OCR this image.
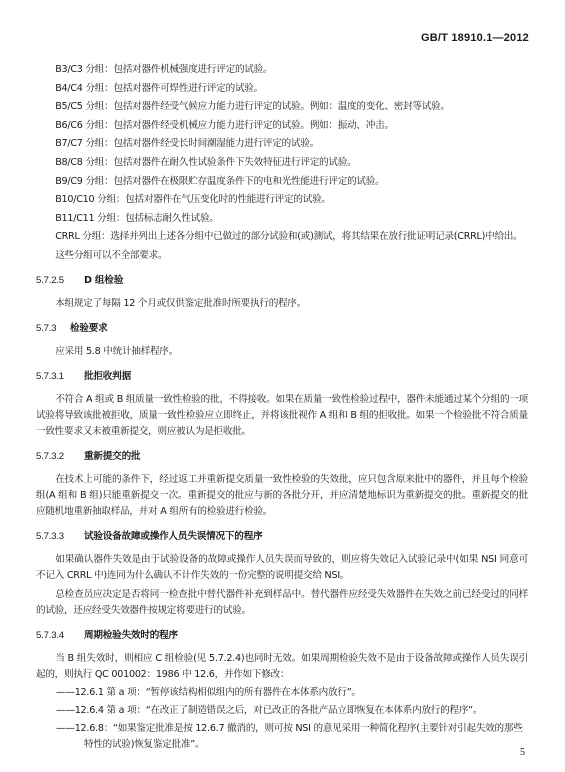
GB/T 18910.1—2012

B3/C3 分组：包括对器件机械强度进行评定的试验。

B4/C4 分组：包括对器件可焊性进行评定的试验。

B5/C5 分组：包括对器件经受气候应力能力进行评定的试验。例如：温度的变化、密封等试验。

B6/C6 分组：包括对器件经受机械应力能力进行评定的试验。例如：振动、冲击。

B7/C7 分组：包括对器件经受长时间潮湿能力进行评定的试验。

B8/C8 分组：包括对器件在耐久性试验条件下失效特征进行评定的试验。

B9/C9 分组：包括对器件在极限贮存温度条件下的电和光性能进行评定的试验。

B10/C10 分组：包括对器件在气压变化时的性能进行评定的试验。

B11/C11 分组：包括标志耐久性试验。

CRRL 分组：选择并列出上述各分组中已做过的部分试验和(或)测试，将其结果在放行批证明记录(CRRL)中给出。

这些分组可以不全部要求。

5.7.2.5 D 组检验

本组规定了每隔 12 个月或仅供鉴定批准时所要执行的程序。

5.7.3 检验要求

应采用 5.8 中统计抽样程序。

5.7.3.1 批拒收判据

不符合 A 组或 B 组质量一致性检验的批，不得接收。如果在质量一致性检验过程中，器件未能通过某个分组的一项试验将导致该批被拒收，质量一致性检验应立即终止，并将该批视作 A 组和 B 组的拒收批。如果一个检验批不符合质量一致性要求又未被重新提交，则应被认为是拒收批。

5.7.3.2 重新提交的批

在技术上可能的条件下，经过返工并重新提交质量一致性检验的失效批，应只包含原来批中的器件，并且每个检验组(A 组和 B 组)只能重新提交一次。重新提交的批应与新的各批分开，并应清楚地标识为重新提交的批。重新提交的批应随机地重新抽取样品，并对 A 组所有的检验进行检验。

5.7.3.3 试验设备故障或操作人员失误情况下的程序

如果确认器件失效是由于试验设备的故障或操作人员失误而导致的，则应将失效记入试验记录中(如果 NSI 同意可不记入 CRRL 中)连同为什么确认不计作失效的一份完整的说明提交给 NSI。

总检查员应决定是否将同一检查批中替代器件补充到样品中。替代器件应经受失效器件在失效之前已经受过的同样的试验，还应经受失效器件按规定将要进行的试验。

5.7.3.4 周期检验失效时的程序

当 B 组失效时，则相应 C 组检验(见 5.7.2.4)也同时无效。如果周期检验失效不是由于设备故障或操作人员失误引起的，则执行 QC 001002：1986 中 12.6，并作如下修改：

——12.6.1 第 a 项：“暂停该结构相似组内的所有器件在本体系内放行”。

——12.6.4 第 a 项：“在改正了制造错误之后，对已改正的各批产品立即恢复在本体系内放行的程序”。

——12.6.8：“如果鉴定批准是按 12.6.7 撤消的，则可按 NSI 的意见采用一种简化程序(主要针对引起失效的那些特性的试验)恢复鉴定批准”。

5
